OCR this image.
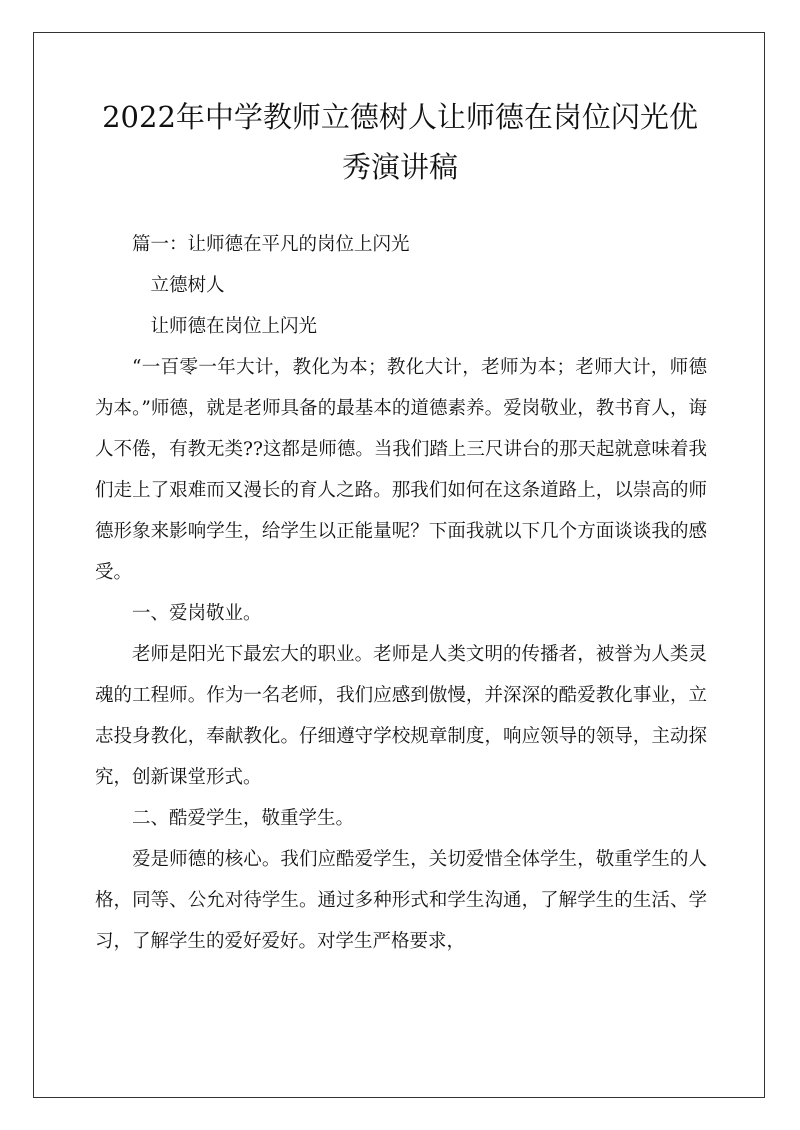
2022年中学教师立德树人让师德在岗位闪光优秀演讲稿

篇一：让师德在平凡的岗位上闪光

立德树人

让师德在岗位上闪光

“一百零一年大计，教化为本；教化大计，老师为本；老师大计，师德为本。”师德，就是老师具备的最基本的道德素养。爱岗敬业，教书育人，诲人不倦，有教无类??这都是师德。当我们踏上三尺讲台的那天起就意味着我们走上了艰难而又漫长的育人之路。那我们如何在这条道路上，以崇高的师德形象来影响学生，给学生以正能量呢？下面我就以下几个方面谈谈我的感受。

一、爱岗敬业。

老师是阳光下最宏大的职业。老师是人类文明的传播者，被誉为人类灵魂的工程师。作为一名老师，我们应感到傲慢，并深深的酷爱教化事业，立志投身教化，奉献教化。仔细遵守学校规章制度，响应领导的领导，主动探究，创新课堂形式。

二、酷爱学生，敬重学生。

爱是师德的核心。我们应酷爱学生，关切爱惜全体学生，敬重学生的人格，同等、公允对待学生。通过多种形式和学生沟通，了解学生的生活、学习，了解学生的爱好爱好。对学生严格要求，
